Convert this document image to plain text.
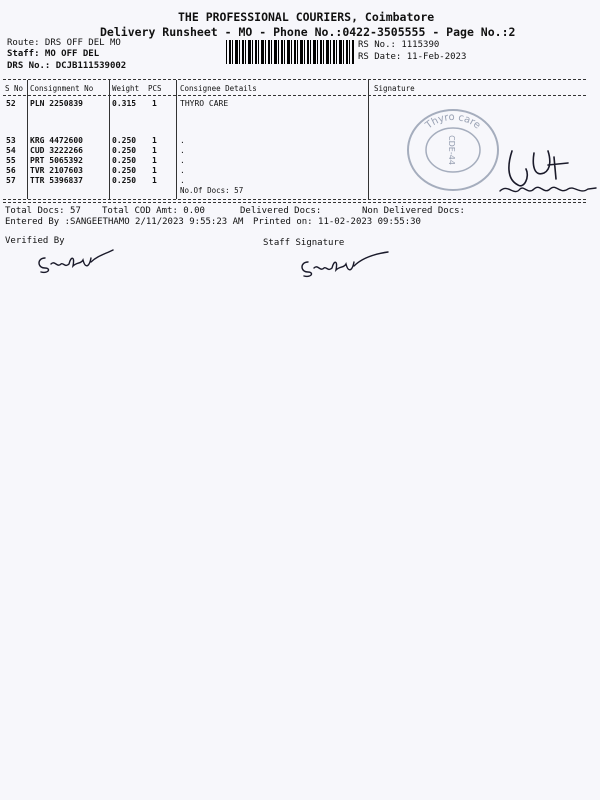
THE PROFESSIONAL COURIERS, Coimbatore
Delivery Runsheet - MO - Phone No.:0422-3505555 - Page No.:2
Route: DRS OFF DEL MO
Staff: MO OFF DEL
DRS No.: DCJB111539002
RS No.: 1115390
RS Date: 11-Feb-2023
S No Consignment No	Weight PCS Consignee Details	Signature
52 PLN 2250839	0.315 1	THYRO CARE
53 KRG 4472600	0.250 1	.
54 CUD 3222266	0.250 1	.
55 PRT 5065392	0.250 1	.
56 TVR 2107603	0.250 1	.
57 TTR 5396837	0.250 1	.
No.Of Docs: 57
Thyro care
CDE-44
Total Docs: 57 Total COD Amt: 0.00	Delivered Docs:	Non Delivered Docs:
Entered By :SANGEETHAMO 2/11/2023 9:55:23 AM Printed on: 11-02-2023 09:55:30
Verified By	Staff Signature
